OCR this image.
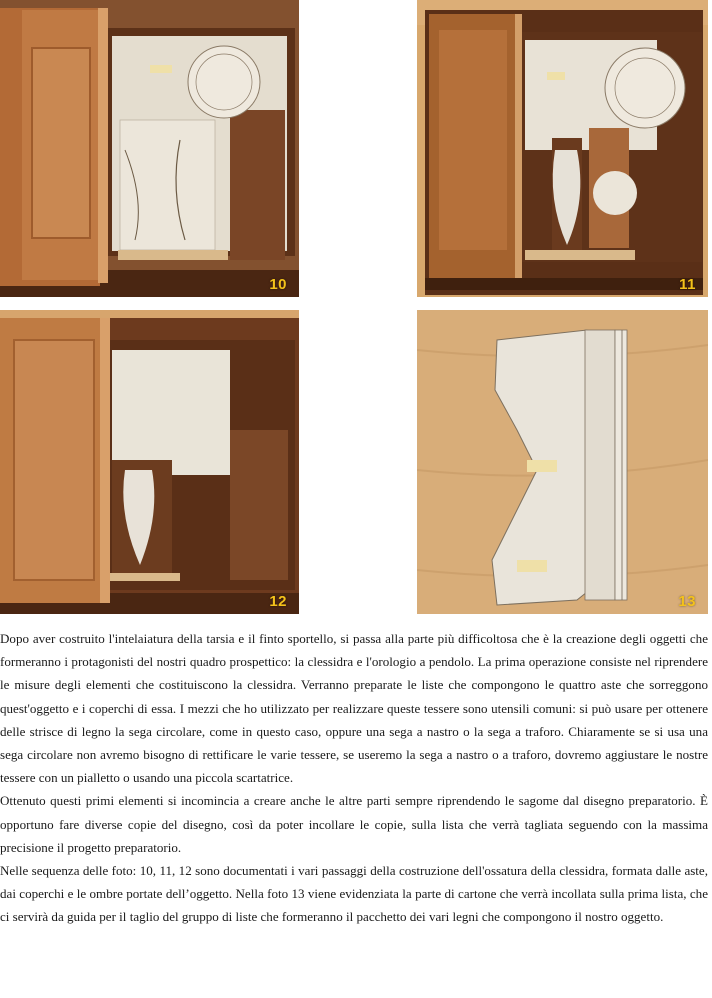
10	11
12	13

Dopo aver costruito l'intelaiatura della tarsia e il finto sportello, si passa alla parte più difficoltosa che è la creazione degli oggetti che formeranno i protagonisti del nostri quadro prospettico: la clessidra e l'orologio a pendolo. La prima operazione consiste nel riprendere le misure degli elementi che costituiscono la clessidra. Verranno preparate le liste che compongono le quattro aste che sorreggono quest'oggetto e i coperchi di essa. I mezzi che ho utilizzato per realizzare queste tessere sono utensili comuni: si può usare per ottenere delle strisce di legno la sega circolare, come in questo caso, oppure una sega a nastro o la sega a traforo. Chiaramente se si usa una sega circolare non avremo bisogno di rettificare le varie tessere, se useremo la sega a nastro o a traforo, dovremo aggiustare le nostre tessere con un pialletto o usando una piccola scartatrice.

Ottenuto questi primi elementi si incomincia a creare anche le altre parti sempre riprendendo le sagome dal disegno preparatorio. È opportuno fare diverse copie del disegno, così da poter incollare le copie, sulla lista che verrà tagliata seguendo con la massima precisione il progetto preparatorio.

Nelle sequenza delle foto: 10, 11, 12 sono documentati i vari passaggi della costruzione dell'ossatura della clessidra, formata dalle aste, dai coperchi e le ombre portate dell’oggetto. Nella foto 13 viene evidenziata la parte di cartone che verrà incollata sulla prima lista, che ci servirà da guida per il taglio del gruppo di liste che formeranno il pacchetto dei vari legni che compongono il nostro oggetto.
